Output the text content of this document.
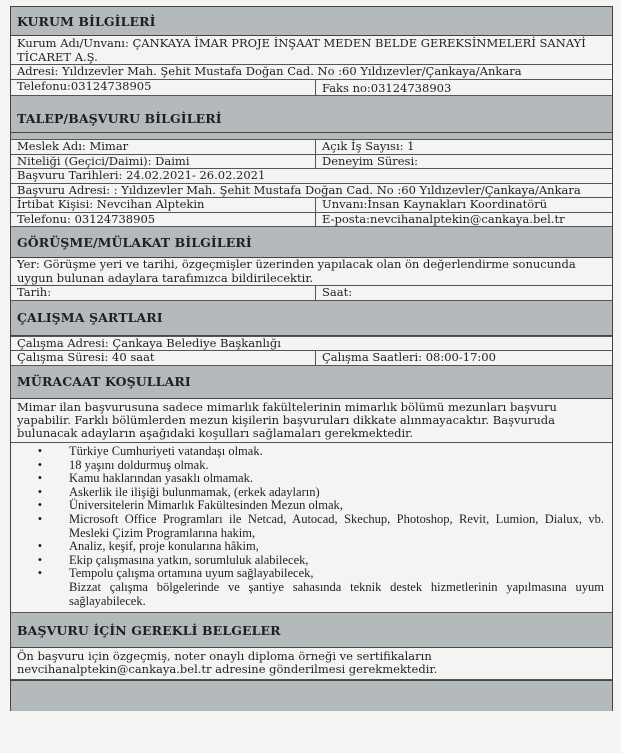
KURUM BİLGİLERİ
Kurum Adı/Unvanı: ÇANKAYA İMAR PROJE İNŞAAT MEDEN BELDE GEREKSİNMELERİ SANAYİ TİCARET A.Ş.
Adresi: Yıldızevler Mah. Şehit Mustafa Doğan Cad. No :60 Yıldızevler/Çankaya/Ankara
Telefonu:03124738905	Faks no:03124738903
TALEP/BAŞVURU BİLGİLERİ
Meslek Adı: Mimar	Açık İş Sayısı: 1
Niteliği (Geçici/Daimi): Daimi	Deneyim Süresi:
Başvuru Tarihleri: 24.02.2021- 26.02.2021
Başvuru Adresi: : Yıldızevler Mah. Şehit Mustafa Doğan Cad. No :60 Yıldızevler/Çankaya/Ankara
İrtibat Kişisi: Nevcihan Alptekin	Unvanı:İnsan Kaynakları Koordinatörü
Telefonu: 03124738905	E-posta:nevcihanalptekin@cankaya.bel.tr
GÖRÜŞME/MÜLAKAT BİLGİLERİ
Yer: Görüşme yeri ve tarihi, özgeçmişler üzerinden yapılacak olan ön değerlendirme sonucunda uygun bulunan adaylara tarafımızca bildirilecektir.
Tarih:	Saat:
ÇALIŞMA ŞARTLARI
Çalışma Adresi: Çankaya Belediye Başkanlığı
Çalışma Süresi: 40 saat	Çalışma Saatleri: 08:00-17:00
MÜRACAAT KOŞULLARI
Mimar ilan başvurusuna sadece mimarlık fakültelerinin mimarlık bölümü mezunları başvuru yapabilir. Farklı bölümlerden mezun kişilerin başvuruları dikkate alınmayacaktır. Başvuruda bulunacak adayların aşağıdaki koşulları sağlamaları gerekmektedir.
•	Türkiye Cumhuriyeti vatandaşı olmak.
•	18 yaşını doldurmuş olmak.
•	Kamu haklarından yasaklı olmamak.
•	Askerlik ile ilişiği bulunmamak, (erkek adayların)
•	Üniversitelerin Mimarlık Fakültesinden Mezun olmak,
•	Microsoft Office Programları ile Netcad, Autocad, Skechup, Photoshop, Revit, Lumion, Dialux, vb. Mesleki Çizim Programlarına hakim,
•	Analiz, keşif, proje konularına hâkim,
•	Ekip çalışmasına yatkın, sorumluluk alabilecek,
•	Tempolu çalışma ortamına uyum sağlayabilecek,
Bizzat çalışma bölgelerinde ve şantiye sahasında teknik destek hizmetlerinin yapılmasına uyum sağlayabilecek.
BAŞVURU İÇİN GEREKLİ BELGELER
Ön başvuru için özgeçmiş, noter onaylı diploma örneği ve sertifikaların
nevcihanalptekin@cankaya.bel.tr adresine gönderilmesi gerekmektedir.
